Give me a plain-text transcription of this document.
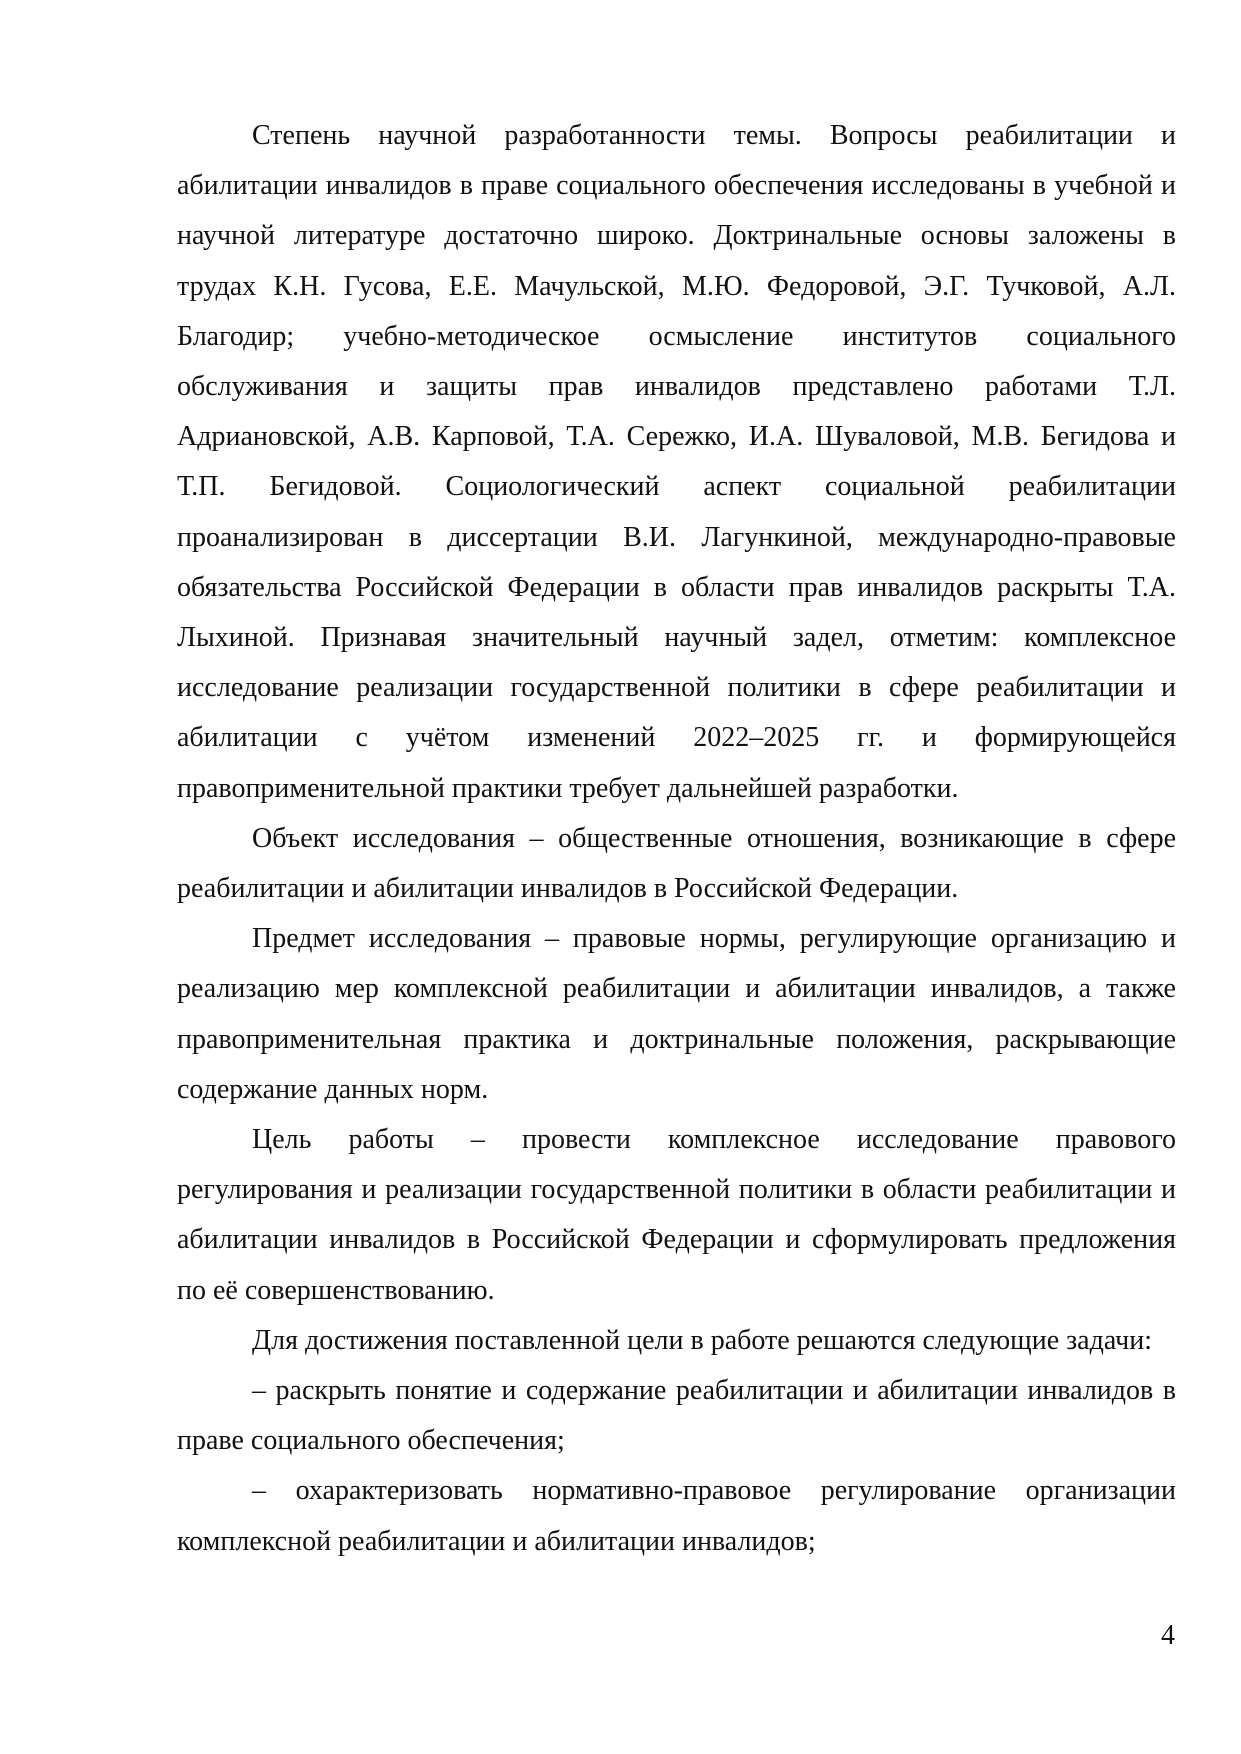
Степень научной разработанности темы. Вопросы реабилитации и абилитации инвалидов в праве социального обеспечения исследованы в учебной и научной литературе достаточно широко. Доктринальные основы заложены в трудах К.Н. Гусова, Е.Е. Мачульской, М.Ю. Федоровой, Э.Г. Тучковой, А.Л. Благодир; учебно-методическое осмысление институтов социального обслуживания и защиты прав инвалидов представлено работами Т.Л. Адриановской, А.В. Карповой, Т.А. Сережко, И.А. Шуваловой, М.В. Бегидова и Т.П. Бегидовой. Социологический аспект социальной реабилитации проанализирован в диссертации В.И. Лагункиной, международно-правовые обязательства Российской Федерации в области прав инвалидов раскрыты Т.А. Лыхиной. Признавая значительный научный задел, отметим: комплексное исследование реализации государственной политики в сфере реабилитации и абилитации с учётом изменений 2022–2025 гг. и формирующейся правоприменительной практики требует дальнейшей разработки.

Объект исследования – общественные отношения, возникающие в сфере реабилитации и абилитации инвалидов в Российской Федерации.

Предмет исследования – правовые нормы, регулирующие организацию и реализацию мер комплексной реабилитации и абилитации инвалидов, а также правоприменительная практика и доктринальные положения, раскрывающие содержание данных норм.

Цель работы – провести комплексное исследование правового регулирования и реализации государственной политики в области реабилитации и абилитации инвалидов в Российской Федерации и сформулировать предложения по её совершенствованию.

Для достижения поставленной цели в работе решаются следующие задачи:

– раскрыть понятие и содержание реабилитации и абилитации инвалидов в праве социального обеспечения;

– охарактеризовать нормативно-правовое регулирование организации комплексной реабилитации и абилитации инвалидов;

4
